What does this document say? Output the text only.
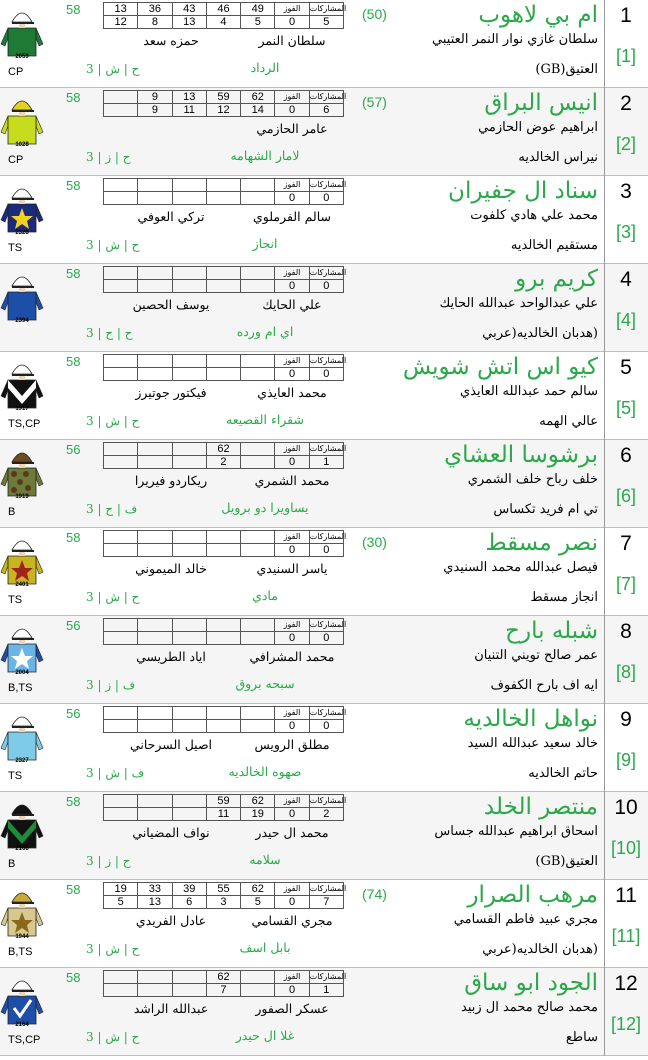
1
[1]
ام بي لاهوب
(50)
سلطان غازي نوار النمر العتيبي
العتيق(GB)
13	36	43	46	49	الفوز	المشاركات
12	8	13	4	5	0	5
سلطان النمر
حمزه سعد
الرداد
58
ح | ش | 3
CP
2059
2
[2]
انيس البراق
(57)
ابراهيم عوض الحازمي
نيراس الخالديه
	9	13	59	62	الفوز	المشاركات
	9	11	12	14	0	6
عامر الحازمي
لامار الشهامه
58
ح | ز | 3
CP
1028
3
[3]
سناد ال جفيران
محمد علي هادي كلفوت
مستقيم الخالديه
					الفوز	المشاركات
					0	0
سالم الفرملوي
تركي العوفي
انجاز
58
ح | ش | 3
TS
2328
4
[4]
كريم برو
علي عبدالواحد عبدالله الحايك
(هدبان الخالديه(عربي
					الفوز	المشاركات
					0	0
علي الحايك
يوسف الحصين
اي ام ورده
58
ح | ح | 3
2394
5
[5]
كيو اس اتش شويش
سالم حمد عبدالله العايذي
عالي الهمه
					الفوز	المشاركات
					0	0
محمد العايذي
فيكتور جوتيرز
شقراء القصيعه
58
ح | ش | 3
TS,CP
1917
6
[6]
برشوسا العشاي
خلف رباح خلف الشمري
تي ام فريد تكساس
			62		الفوز	المشاركات
			2		0	1
محمد الشمري
ريكاردو فيريرا
يساويرا دو برويل
56
ف | ح | 3
B
1919
7
[7]
نصر مسقط
(30)
فيصل عبدالله محمد السنيدي
انجاز مسقط
					الفوز	المشاركات
					0	0
ياسر السنيدي
خالد الميموني
مادي
58
ح | ش | 3
TS
2401
8
[8]
شبله بارح
عمر صالح تويني التنيان
ايه اف بارح الكفوف
					الفوز	المشاركات
					0	0
محمد المشرافي
اياد الطريسي
سبحه بروق
56
ف | ز | 3
B,TS
2004
9
[9]
نواهل الخالديه
خالد سعيد عبدالله السيد
حاتم الخالديه
					الفوز	المشاركات
					0	0
مطلق الرويس
اصيل السرحاني
صهوه الخالديه
56
ف | ش | 3
TS
2327
10
[10]
منتصر الخلد
اسحاق ابراهيم عبدالله جساس
العتيق(GB)
			59	62	الفوز	المشاركات
			11	19	0	2
محمد ال حيدر
نواف المضياني
سلامه
58
ح | ز | 3
B
2166
11
[11]
مرهب الصرار
(74)
مجري عبيد فاطم القسامي
(هدبان الخالديه(عربي
19	33	39	55	62	الفوز	المشاركات
5	13	6	3	5	0	7
مجري القسامي
عادل الفريدي
بابل اسف
58
ح | ش | 3
B,TS
1944
12
[12]
الجود ابو ساق
محمد صالح محمد ال زبيد
ساطع
			62		الفوز	المشاركات
			7		0	1
عسكر الصفور
عبدالله الراشد
غلا ال حيدر
58
ح | ش | 3
TS,CP
2164
